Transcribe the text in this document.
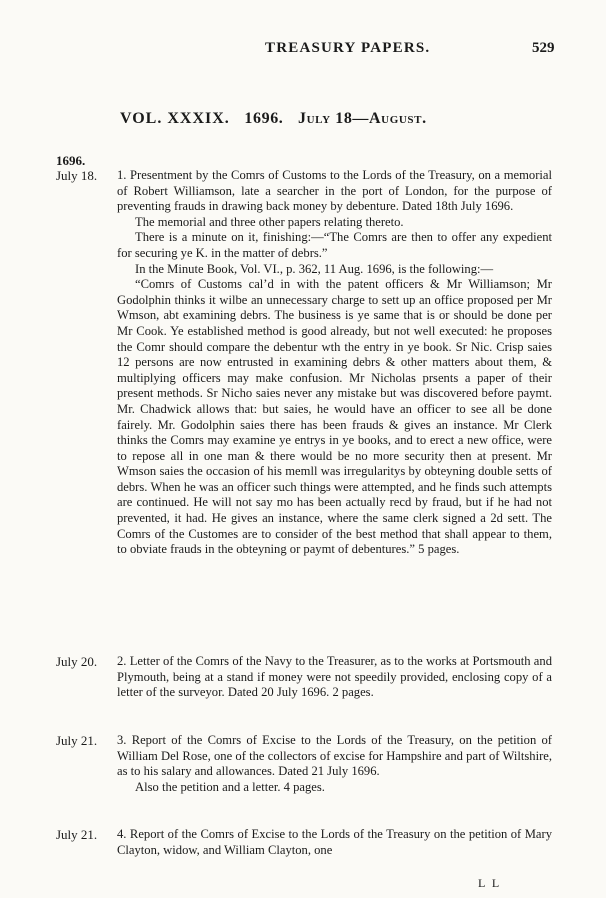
TREASURY PAPERS.	529
VOL. XXXIX. 1696. July 18—August.
1696.
July 18. 1. Presentment by the Comrs of Customs to the Lords of the Treasury, on a memorial of Robert Williamson, late a searcher in the port of London, for the purpose of preventing frauds in drawing back money by debenture. Dated 18th July 1696.

The memorial and three other papers relating thereto.

There is a minute on it, finishing:—“The Comrs are then to offer any expedient for securing ye K. in the matter of debrs.”

In the Minute Book, Vol. VI., p. 362, 11 Aug. 1696, is the following:—

“Comrs of Customs cal’d in with the patent officers & Mr Williamson; Mr Godolphin thinks it wilbe an unnecessary charge to sett up an office proposed per Mr Wmson, abt examining debrs. The business is ye same that is or should be done per Mr Cook. Ye established method is good already, but not well executed: he proposes the Comr should compare the debentur wth the entry in ye book. Sr Nic. Crisp saies 12 persons are now entrusted in examining debrs & other matters about them, & multiplying officers may make confusion. Mr Nicholas prsents a paper of their present methods. Sr Nicho saies never any mistake but was discovered before paymt. Mr. Chadwick allows that: but saies, he would have an officer to see all be done fairely. Mr. Godolphin saies there has been frauds & gives an instance. Mr Clerk thinks the Comrs may examine ye entrys in ye books, and to erect a new office, were to repose all in one man & there would be no more security then at present. Mr Wmson saies the occasion of his memll was irregularitys by obteyning double setts of debrs. When he was an officer such things were attempted, and he finds such attempts are continued. He will not say mo has been actually recd by fraud, but if he had not prevented, it had. He gives an instance, where the same clerk signed a 2d sett. The Comrs of the Customes are to consider of the best method that shall appear to them, to obviate frauds in the obteyning or paymt of debentures.” 5 pages.

July 20. 2. Letter of the Comrs of the Navy to the Treasurer, as to the works at Portsmouth and Plymouth, being at a stand if money were not speedily provided, enclosing copy of a letter of the surveyor. Dated 20 July 1696. 2 pages.

July 21. 3. Report of the Comrs of Excise to the Lords of the Treasury, on the petition of William Del Rose, one of the collectors of excise for Hampshire and part of Wiltshire, as to his salary and allowances. Dated 21 July 1696.

Also the petition and a letter. 4 pages.

July 21. 4. Report of the Comrs of Excise to the Lords of the Treasury on the petition of Mary Clayton, widow, and William Clayton, one

L L
